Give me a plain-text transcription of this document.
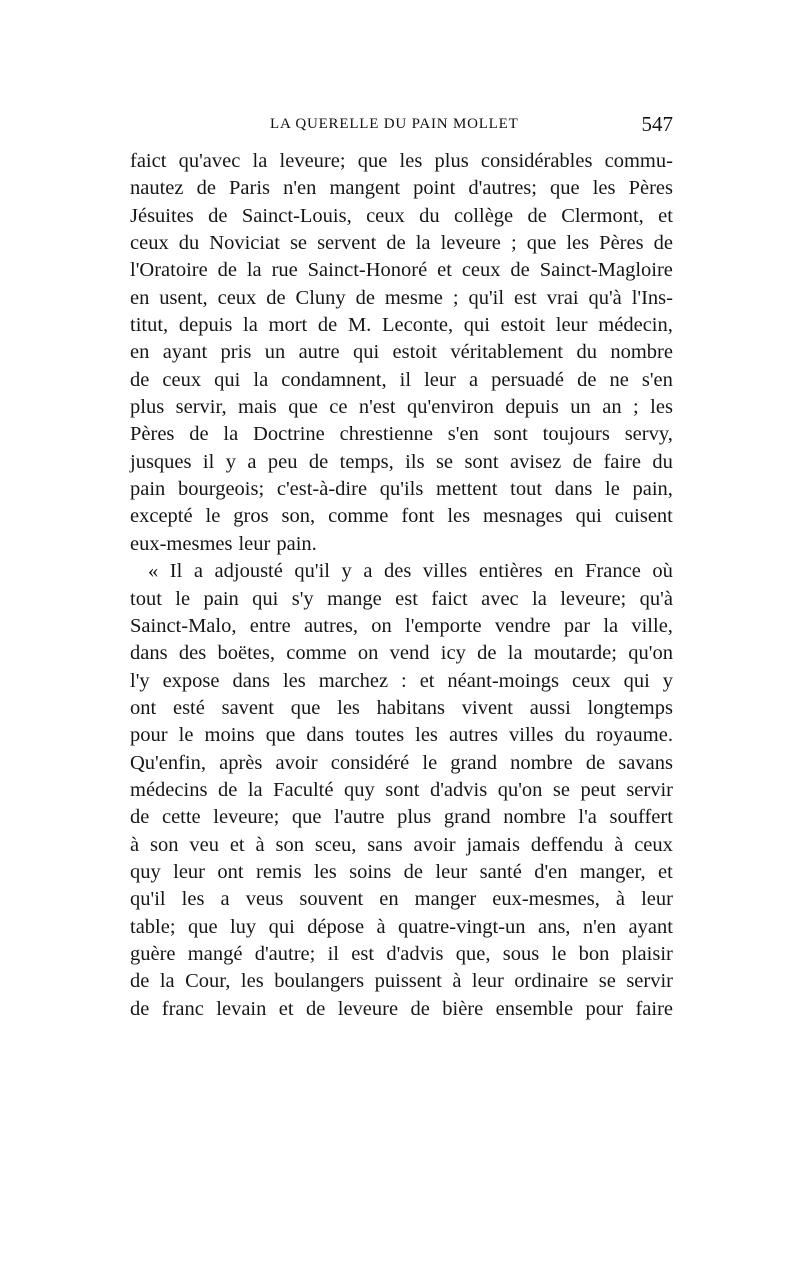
LA QUERELLE DU PAIN MOLLET	547
faict qu'avec la leveure; que les plus considérables commu-
nautez de Paris n'en mangent point d'autres; que les Pères
Jésuites de Sainct-Louis, ceux du collège de Clermont, et
ceux du Noviciat se servent de la leveure ; que les Pères de
l'Oratoire de la rue Sainct-Honoré et ceux de Sainct-Magloire
en usent, ceux de Cluny de mesme ; qu'il est vrai qu'à l'Ins-
titut, depuis la mort de M. Leconte, qui estoit leur médecin,
en ayant pris un autre qui estoit véritablement du nombre
de ceux qui la condamnent, il leur a persuadé de ne s'en
plus servir, mais que ce n'est qu'environ depuis un an ; les
Pères de la Doctrine chrestienne s'en sont toujours servy,
jusques il y a peu de temps, ils se sont avisez de faire du
pain bourgeois; c'est-à-dire qu'ils mettent tout dans le pain,
excepté le gros son, comme font les mesnages qui cuisent
eux-mesmes leur pain.
« Il a adjousté qu'il y a des villes entières en France où
tout le pain qui s'y mange est faict avec la leveure; qu'à
Sainct-Malo, entre autres, on l'emporte vendre par la ville,
dans des boëtes, comme on vend icy de la moutarde; qu'on
l'y expose dans les marchez : et néant-moings ceux qui y
ont esté savent que les habitans vivent aussi longtemps
pour le moins que dans toutes les autres villes du royaume.
Qu'enfin, après avoir considéré le grand nombre de savans
médecins de la Faculté quy sont d'advis qu'on se peut servir
de cette leveure; que l'autre plus grand nombre l'a souffert
à son veu et à son sceu, sans avoir jamais deffendu à ceux
quy leur ont remis les soins de leur santé d'en manger, et
qu'il les a veus souvent en manger eux-mesmes, à leur
table; que luy qui dépose à quatre-vingt-un ans, n'en ayant
guère mangé d'autre; il est d'advis que, sous le bon plaisir
de la Cour, les boulangers puissent à leur ordinaire se servir
de franc levain et de leveure de bière ensemble pour faire
